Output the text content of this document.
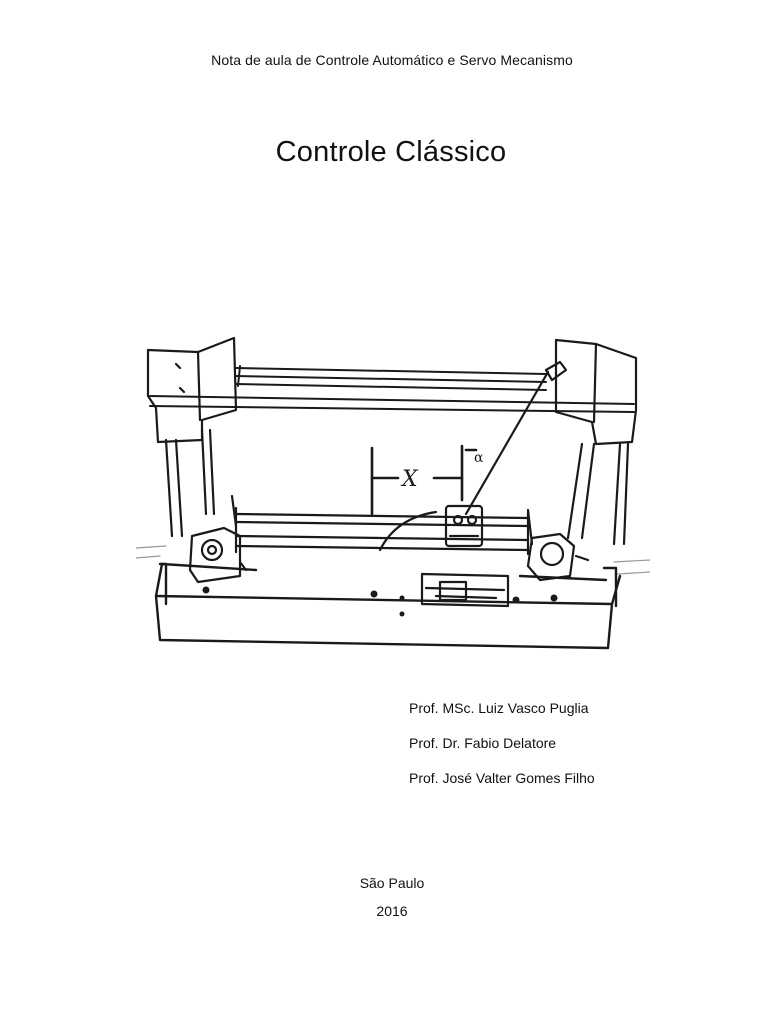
Nota de aula de Controle Automático e Servo Mecanismo
Controle Clássico
X
α
Prof. MSc. Luiz Vasco Puglia
Prof. Dr. Fabio Delatore
Prof. José Valter Gomes Filho
São Paulo
2016
